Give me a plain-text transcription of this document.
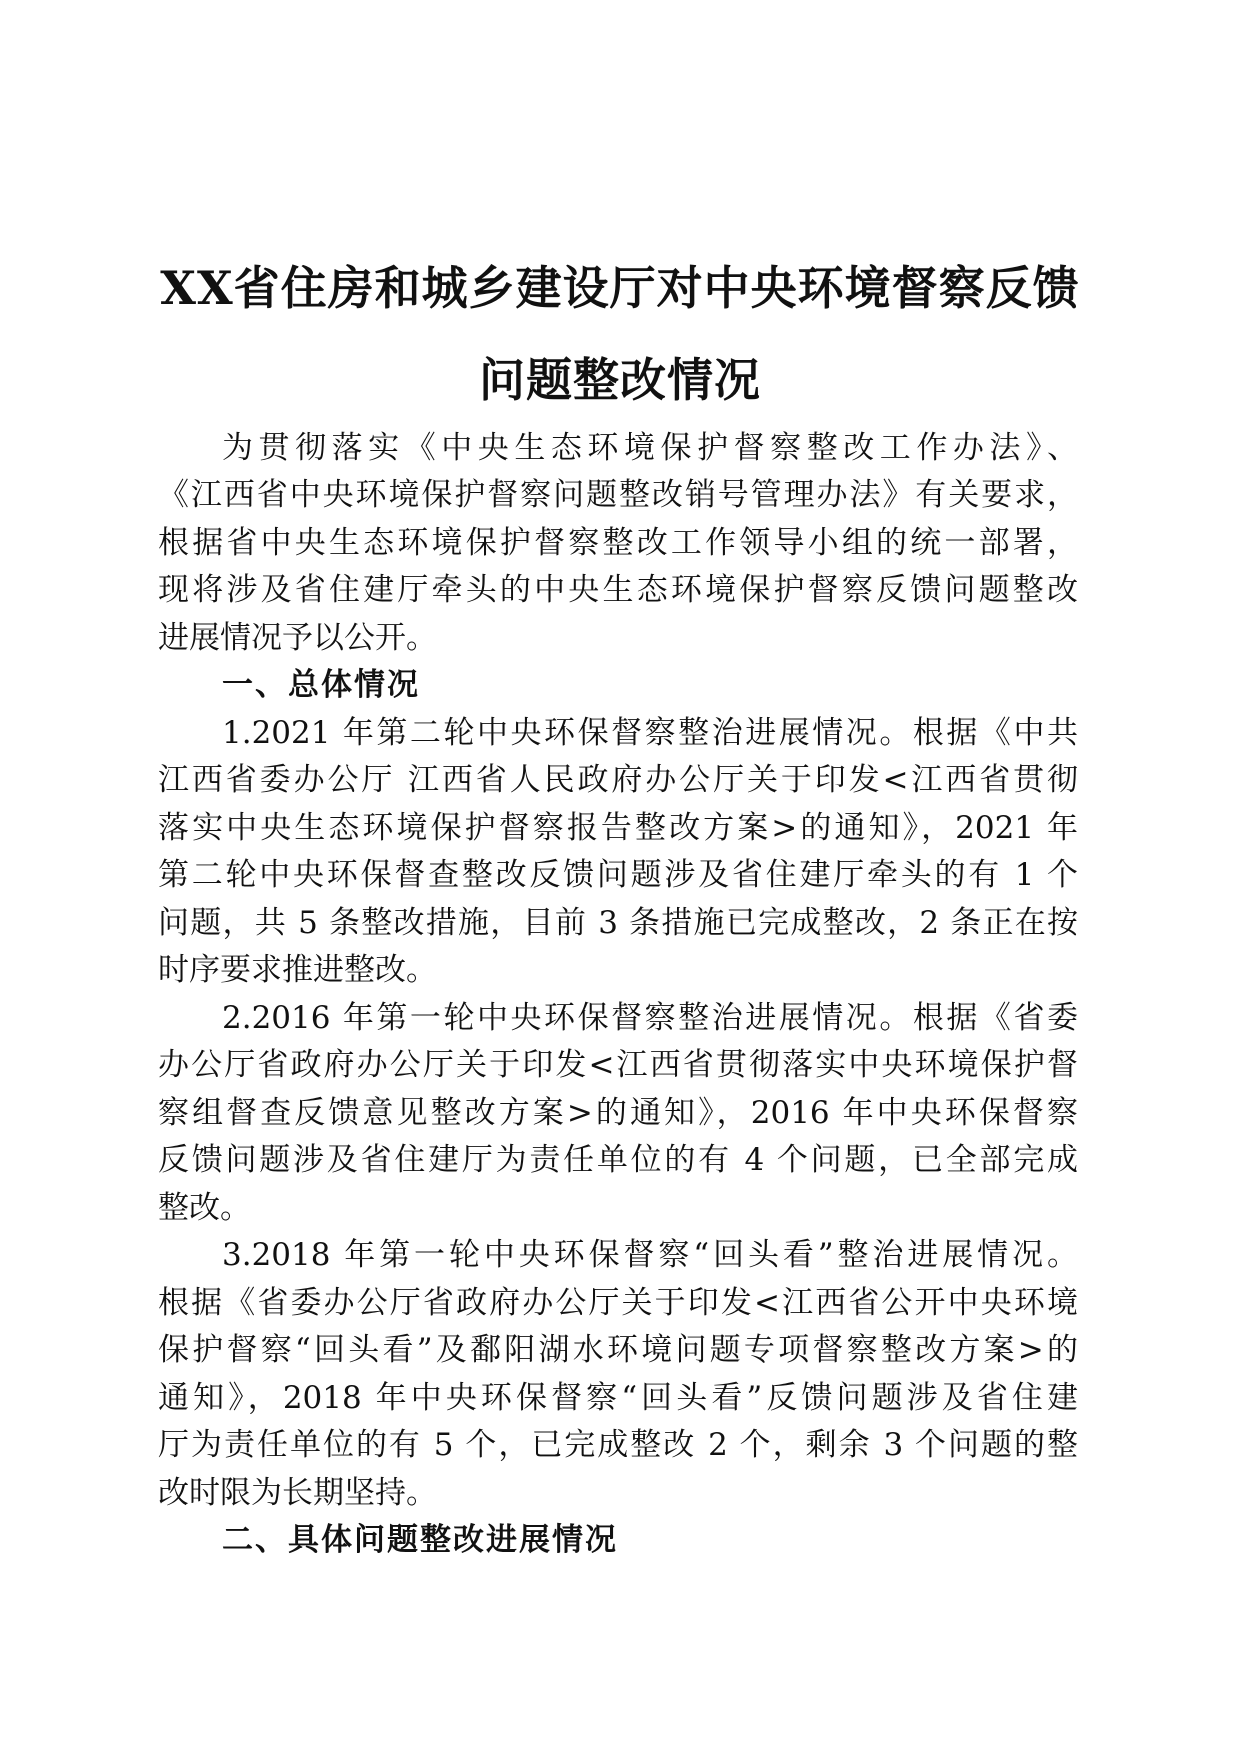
XX省住房和城乡建设厅对中央环境督察反馈
问题整改情况
为贯彻落实《中央生态环境保护督察整改工作办法》、
《江西省中央环境保护督察问题整改销号管理办法》有关要求，
根据省中央生态环境保护督察整改工作领导小组的统一部署，
现将涉及省住建厅牵头的中央生态环境保护督察反馈问题整改
进展情况予以公开。
一、总体情况
1.2021 年第二轮中央环保督察整治进展情况。根据《中共
江西省委办公厅 江西省人民政府办公厅关于印发<江西省贯彻
落实中央生态环境保护督察报告整改方案>的通知》，2021 年
第二轮中央环保督查整改反馈问题涉及省住建厅牵头的有 1 个
问题，共 5 条整改措施，目前 3 条措施已完成整改，2 条正在按
时序要求推进整改。
2.2016 年第一轮中央环保督察整治进展情况。根据《省委
办公厅省政府办公厅关于印发<江西省贯彻落实中央环境保护督
察组督查反馈意见整改方案>的通知》，2016 年中央环保督察
反馈问题涉及省住建厅为责任单位的有 4 个问题，已全部完成
整改。
3.2018 年第一轮中央环保督察“回头看”整治进展情况。
根据《省委办公厅省政府办公厅关于印发<江西省公开中央环境
保护督察“回头看”及鄱阳湖水环境问题专项督察整改方案>的
通知》，2018 年中央环保督察“回头看”反馈问题涉及省住建
厅为责任单位的有 5 个，已完成整改 2 个，剩余 3 个问题的整
改时限为长期坚持。
二、具体问题整改进展情况
